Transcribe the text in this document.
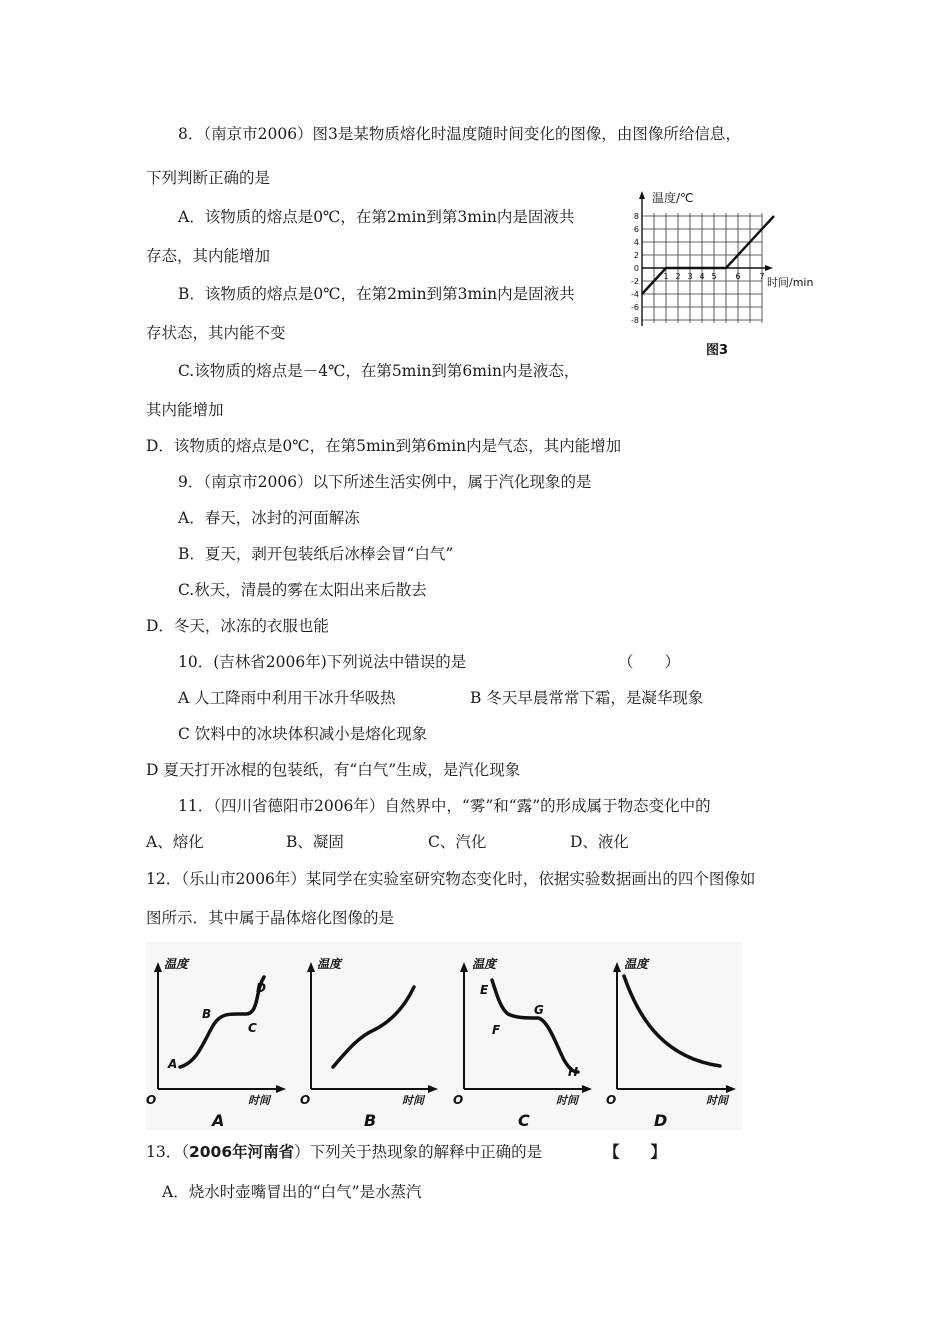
8．（南京市2006）图3是某物质熔化时温度随时间变化的图像，由图像所给信息，
下列判断正确的是
A．该物质的熔点是0℃，在第2min到第3min内是固液共
存态，其内能增加
B．该物质的熔点是0℃，在第2min到第3min内是固液共
存状态，其内能不变
C.该物质的熔点是－4℃，在第5min到第6min内是液态，
其内能增加
D．该物质的熔点是0℃，在第5min到第6min内是气态，其内能增加
温度/℃
时间/min
8
6
4
2
0
-2
-4
-6
-8
1 2 3 4 5 6 7
图3
9．（南京市2006）以下所述生活实例中，属于汽化现象的是
A．春天，冰封的河面解冻
B．夏天，剥开包装纸后冰棒会冒“白气”
C.秋天，清晨的雾在太阳出来后散去
D．冬天，冰冻的衣服也能
10．(吉林省2006年)下列说法中错误的是	（　　）
A 人工降雨中利用干冰升华吸热	B 冬天早晨常常下霜，是凝华现象
C 饮料中的冰块体积减小是熔化现象
D 夏天打开冰棍的包装纸，有“白气”生成，是汽化现象
11．（四川省德阳市2006年）自然界中，“雾”和“露”的形成属于物态变化中的
A、熔化	B、凝固	C、汽化	D、液化
12．（乐山市2006年）某同学在实验室研究物态变化时，依据实验数据画出的四个图像如
图所示．其中属于晶体熔化图像的是
温度
时间
O
A
B
C
D
A
温度
时间
O
B
温度
时间
O
E
F
G
H
C
温度
时间
O
D
13．（2006年河南省）下列关于热现象的解释中正确的是	【　　】
A．烧水时壶嘴冒出的“白气”是水蒸汽
